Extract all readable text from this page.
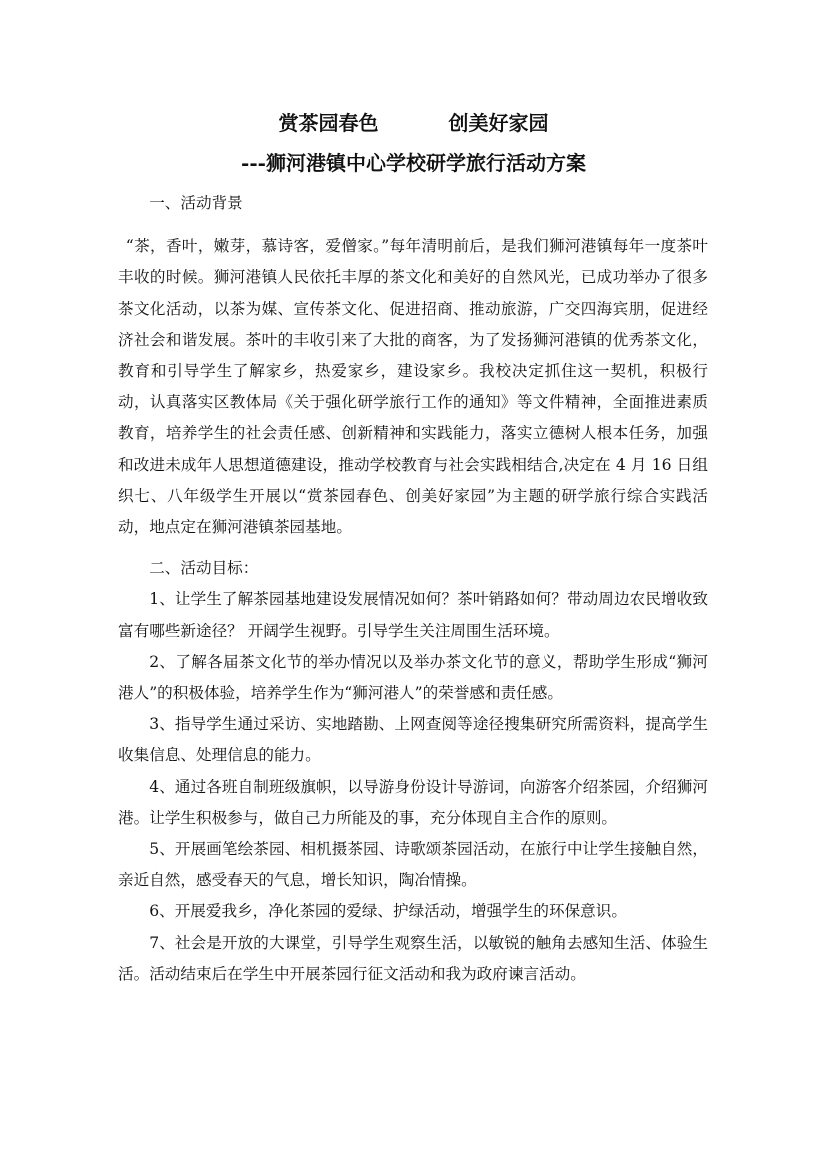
赏茶园春色	创美好家园
---狮河港镇中心学校研学旅行活动方案

一、活动背景

“茶，香叶，嫩芽，慕诗客，爱僧家。”每年清明前后，是我们狮河港镇每年一度茶叶丰收的时候。狮河港镇人民依托丰厚的茶文化和美好的自然风光，已成功举办了很多茶文化活动，以茶为媒、宣传茶文化、促进招商、推动旅游，广交四海宾朋，促进经济社会和谐发展。茶叶的丰收引来了大批的商客，为了发扬狮河港镇的优秀茶文化，教育和引导学生了解家乡，热爱家乡，建设家乡。我校决定抓住这一契机，积极行动，认真落实区教体局《关于强化研学旅行工作的通知》等文件精神，全面推进素质教育，培养学生的社会责任感、创新精神和实践能力，落实立德树人根本任务，加强和改进未成年人思想道德建设，推动学校教育与社会实践相结合,决定在 4 月 16 日组织七、八年级学生开展以“赏茶园春色、创美好家园”为主题的研学旅行综合实践活动，地点定在狮河港镇茶园基地。

二、活动目标：

1、让学生了解茶园基地建设发展情况如何？茶叶销路如何？带动周边农民增收致富有哪些新途径？ 开阔学生视野。引导学生关注周围生活环境。

2、了解各届茶文化节的举办情况以及举办茶文化节的意义，帮助学生形成“狮河港人”的积极体验，培养学生作为“狮河港人”的荣誉感和责任感。

3、指导学生通过采访、实地踏勘、上网查阅等途径搜集研究所需资料，提高学生收集信息、处理信息的能力。

4、通过各班自制班级旗帜，以导游身份设计导游词，向游客介绍茶园，介绍狮河港。让学生积极参与，做自己力所能及的事，充分体现自主合作的原则。

5、开展画笔绘茶园、相机摄茶园、诗歌颂茶园活动，在旅行中让学生接触自然，亲近自然，感受春天的气息，增长知识，陶冶情操。

6、开展爱我乡，净化茶园的爱绿、护绿活动，增强学生的环保意识。

7、社会是开放的大课堂，引导学生观察生活，以敏锐的触角去感知生活、体验生活。活动结束后在学生中开展茶园行征文活动和我为政府谏言活动。
